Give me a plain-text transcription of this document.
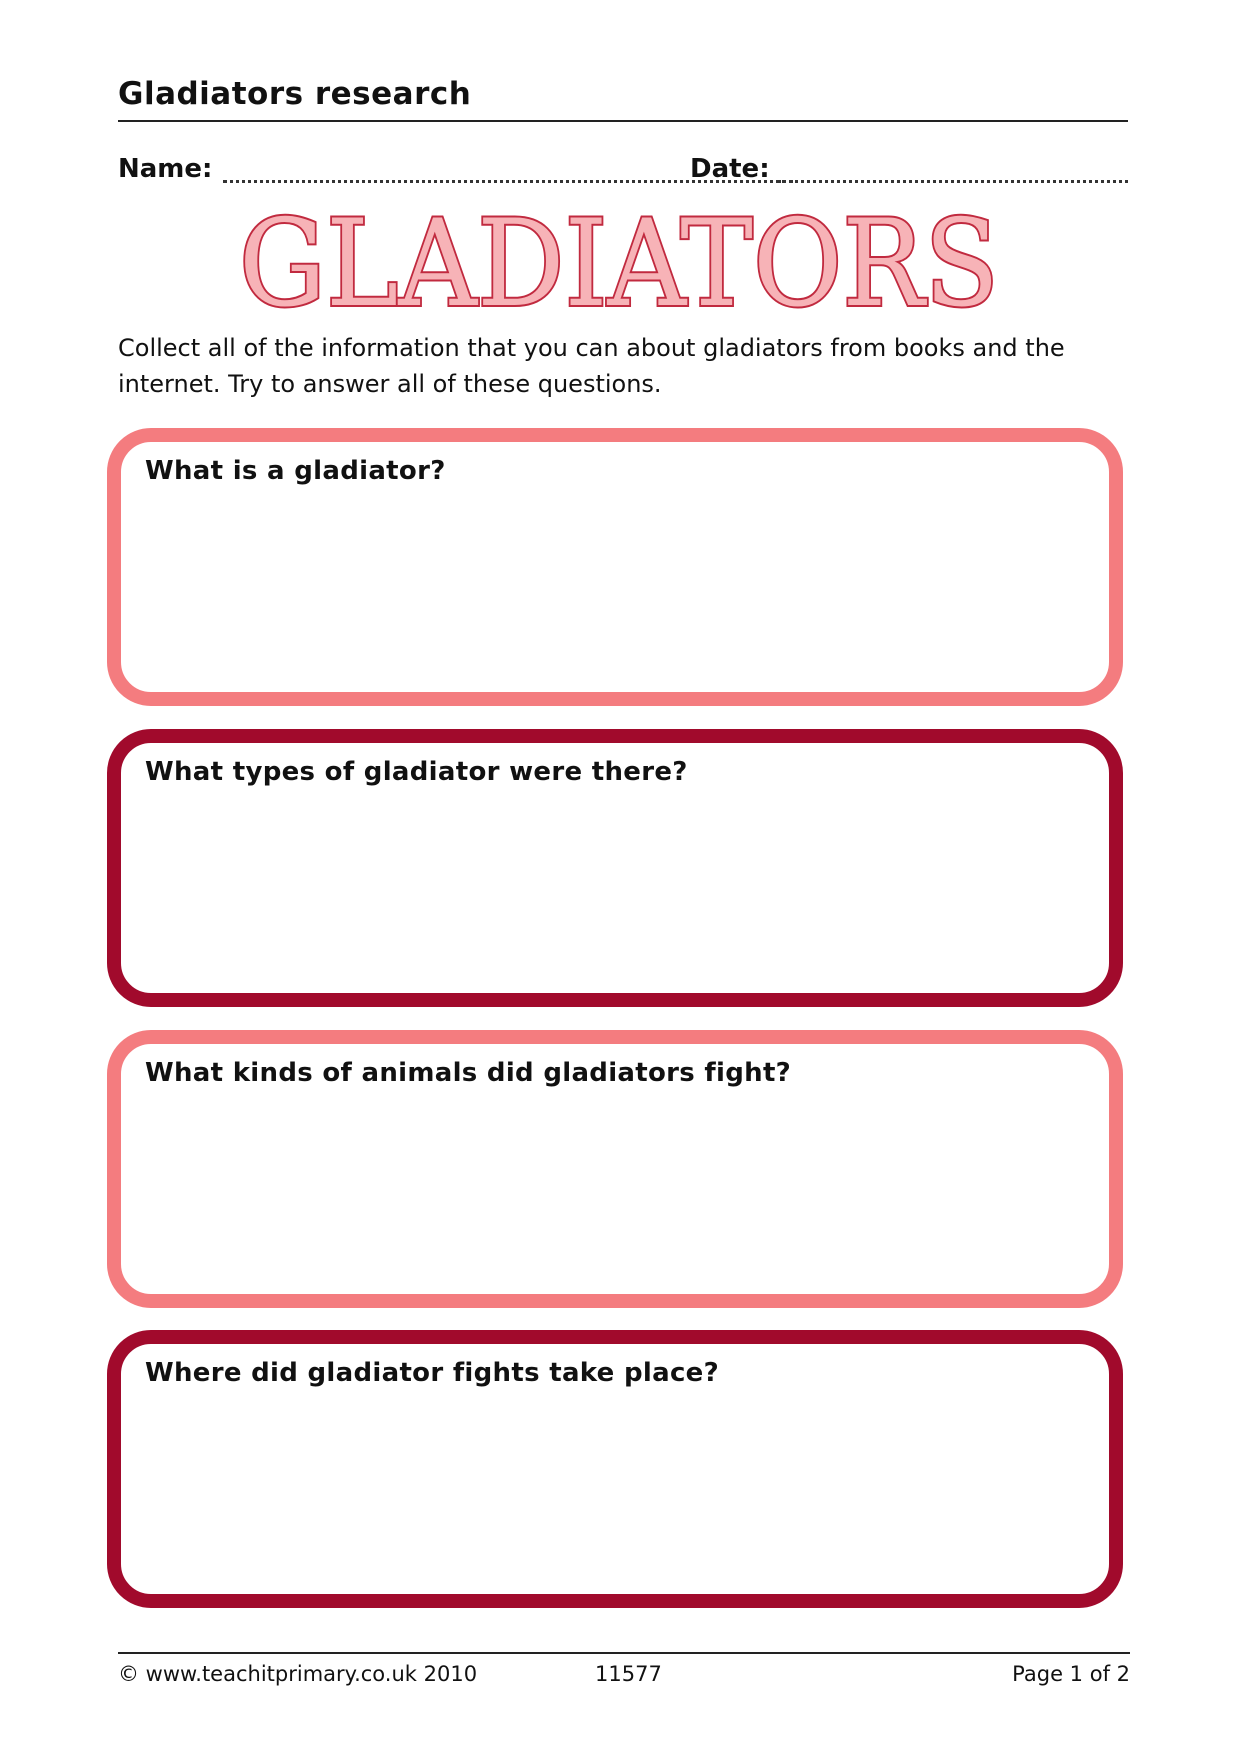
Gladiators research
Name:	Date:
GLADIATORS
Collect all of the information that you can about gladiators from books and the
internet. Try to answer all of these questions.
What is a gladiator?
What types of gladiator were there?
What kinds of animals did gladiators fight?
Where did gladiator fights take place?
© www.teachitprimary.co.uk 2010	11577	Page 1 of 2
